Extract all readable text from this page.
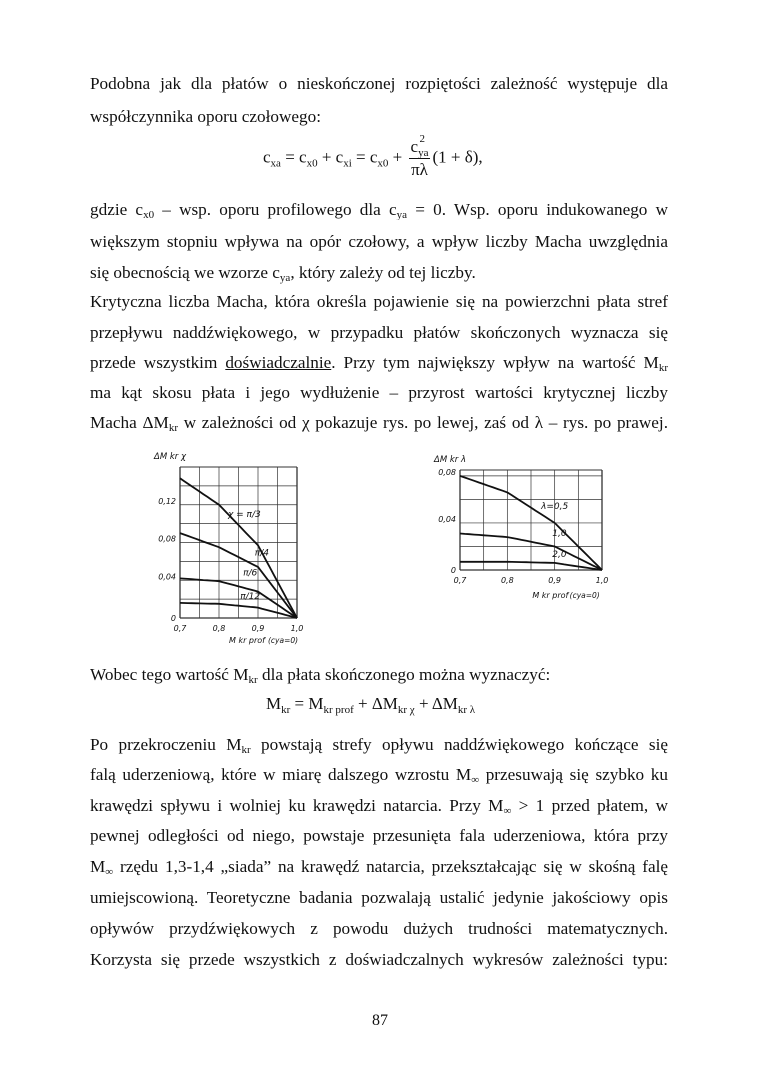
Podobna jak dla płatów o nieskończonej rozpiętości zależność występuje dla
współczynnika oporu czołowego:
gdzie $c_{x0}$ – wsp. oporu profilowego dla $c_{ya} = 0$. Wsp. oporu indukowanego w
większym stopniu wpływa na opór czołowy, a wpływ liczby Macha uwzględnia
się obecnością we wzorze $c_{ya}$, który zależy od tej liczby.
Krytyczna liczba Macha, która określa pojawienie się na powierzchni płata stref
przepływu naddźwiękowego, w przypadku płatów skończonych wyznacza się
przede wszystkim doświadczalnie. Przy tym największy wpływ na wartość $M_{kr}$
ma kąt skosu płata i jego wydłużenie – przyrost wartości krytycznej liczby
Macha $\Delta M_{kr}$ w zależności od χ pokazuje rys. po lewej, zaś od λ – rys. po prawej.
Wobec tego wartość $M_{kr}$ dla płata skończonego można wyznaczyć:
Po przekroczeniu $M_{kr}$ powstają strefy opływu naddźwiękowego kończące się
falą uderzeniową, które w miarę dalszego wzrostu $M_\infty$ przesuwają się szybko ku
krawędzi spływu i wolniej ku krawędzi natarcia. Przy $M_\infty > 1$ przed płatem, w
pewnej odległości od niego, powstaje przesunięta fala uderzeniowa, która przy
$M_\infty$ rzędu 1,3-1,4 „siada” na krawędź natarcia, przekształcając się w skośną falę
umiejscowioną. Teoretyczne badania pozwalają ustalić jedynie jakościowy opis
opływów przydźwiękowych z powodu dużych trudności matematycznych.
Korzysta się przede wszystkich z doświadczalnych wykresów zależności typu:
$c_{xa} = c_{x0} + c_{xi} = c_{x0} + c_{ya}$
2
πλ (1 + δ),
$M_{kr} = M_{kr prof} + \Delta M_{kr \chi} + \Delta M_{kr \lambda}$
χ = π/3
π/4
π/6
π/12
0,7	0,8	0,9	1,0
0
0,04
0,08
0,12
ΔM kr χ
M kr prof (cya=0)
λ=0,5
1,0
2,0
0,7	0,8	0,9	1,0
0
0,04
0,08
ΔM kr λ
M kr prof (cya=0)
87
